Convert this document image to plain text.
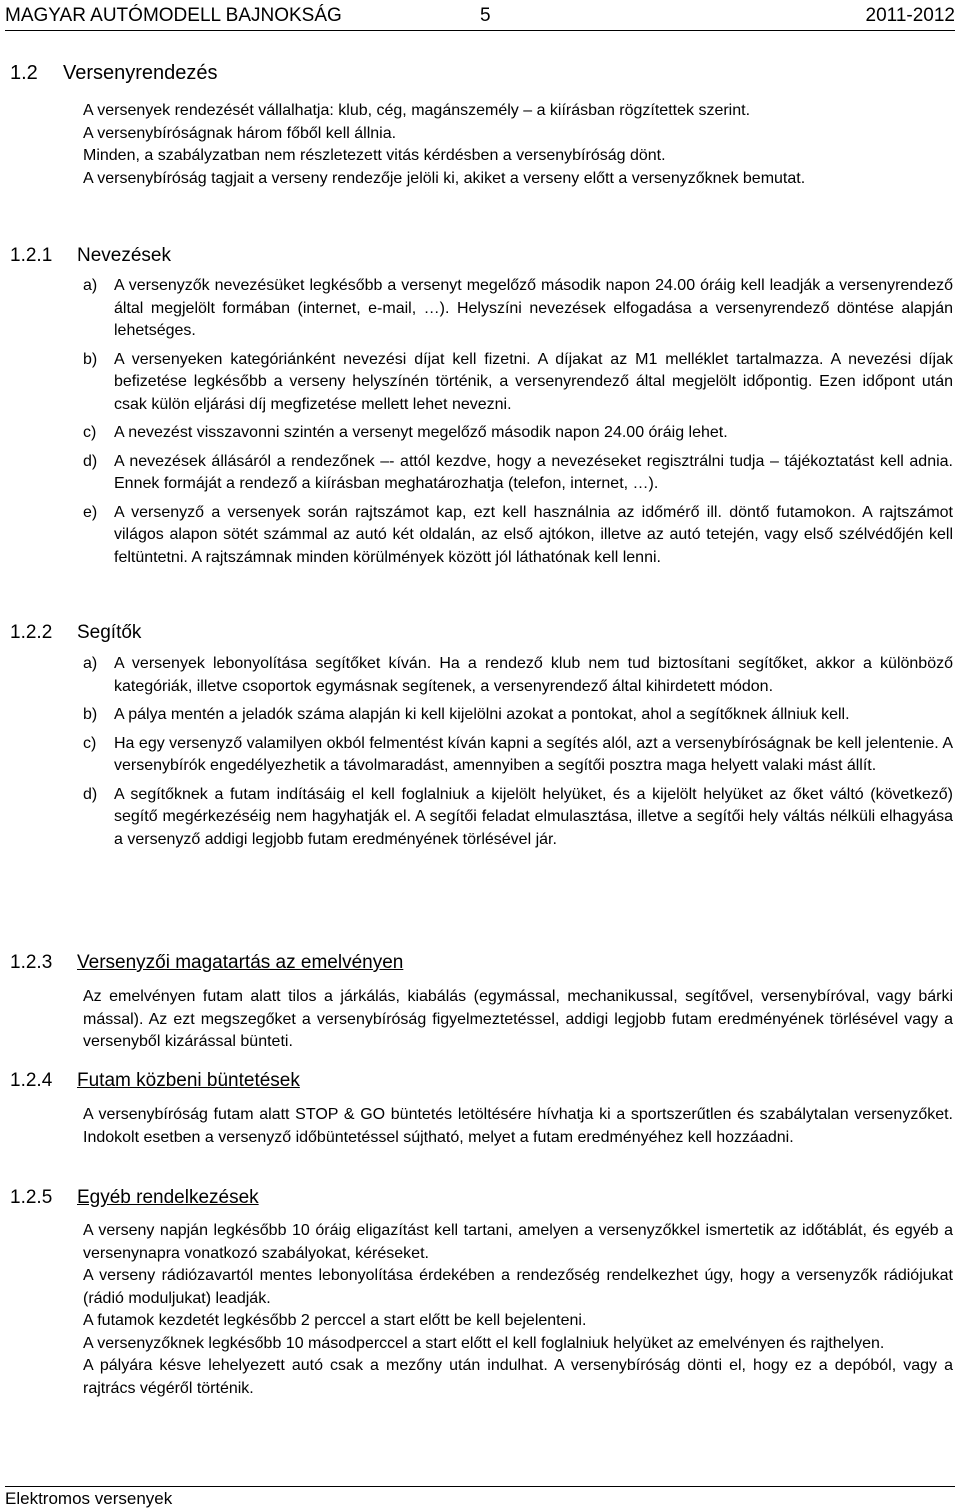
MAGYAR AUTÓMODELL BAJNOKSÁG	5	2011-2012
1.2 Versenyrendezés

A versenyek rendezését vállalhatja: klub, cég, magánszemély – a kiírásban rögzítettek szerint.

A versenybíróságnak három főből kell állnia.

Minden, a szabályzatban nem részletezett vitás kérdésben a versenybíróság dönt.

A versenybíróság tagjait a verseny rendezője jelöli ki, akiket a verseny előtt a versenyzőknek bemutat.

1.2.1 Nevezések
a) A versenyzők nevezésüket legkésőbb a versenyt megelőző második napon 24.00 óráig kell leadják a versenyrendező által megjelölt formában (internet, e-mail, …). Helyszíni nevezések elfogadása a versenyrendező döntése alapján lehetséges.
b) A versenyeken kategóriánként nevezési díjat kell fizetni. A díjakat az M1 melléklet tartalmazza. A nevezési díjak befizetése legkésőbb a verseny helyszínén történik, a versenyrendező által megjelölt időpontig. Ezen időpont után csak külön eljárási díj megfizetése mellett lehet nevezni.
c) A nevezést visszavonni szintén a versenyt megelőző második napon 24.00 óráig lehet.
d) A nevezések állásáról a rendezőnek –- attól kezdve, hogy a nevezéseket regisztrálni tudja – tájékoztatást kell adnia. Ennek formáját a rendező a kiírásban meghatározhatja (telefon, internet, …).
e) A versenyző a versenyek során rajtszámot kap, ezt kell használnia az időmérő ill. döntő futamokon. A rajtszámot világos alapon sötét számmal az autó két oldalán, az első ajtókon, illetve az autó tetején, vagy első szélvédőjén kell feltüntetni. A rajtszámnak minden körülmények között jól láthatónak kell lenni.
1.2.2 Segítők
a) A versenyek lebonyolítása segítőket kíván. Ha a rendező klub nem tud biztosítani segítőket, akkor a különböző kategóriák, illetve csoportok egymásnak segítenek, a versenyrendező által kihirdetett módon.
b) A pálya mentén a jeladók száma alapján ki kell kijelölni azokat a pontokat, ahol a segítőknek állniuk kell.
c) Ha egy versenyző valamilyen okból felmentést kíván kapni a segítés alól, azt a versenybíróságnak be kell jelentenie. A versenybírók engedélyezhetik a távolmaradást, amennyiben a segítői posztra maga helyett valaki mást állít.
d) A segítőknek a futam indításáig el kell foglalniuk a kijelölt helyüket, és a kijelölt helyüket az őket váltó (következő) segítő megérkezéséig nem hagyhatják el. A segítői feladat elmulasztása, illetve a segítői hely váltás nélküli elhagyása a versenyző addigi legjobb futam eredményének törlésével jár.
1.2.3 Versenyzői magatartás az emelvényen

Az emelvényen futam alatt tilos a járkálás, kiabálás (egymással, mechanikussal, segítővel, versenybíróval, vagy bárki mással). Az ezt megszegőket a versenybíróság figyelmeztetéssel, addigi legjobb futam eredményének törlésével vagy a versenyből kizárással bünteti.

1.2.4 Futam közbeni büntetések

A versenybíróság futam alatt STOP & GO büntetés letöltésére hívhatja ki a sportszerűtlen és szabálytalan versenyzőket. Indokolt esetben a versenyző időbüntetéssel sújtható, melyet a futam eredményéhez kell hozzáadni.

1.2.5 Egyéb rendelkezések

A verseny napján legkésőbb 10 óráig eligazítást kell tartani, amelyen a versenyzőkkel ismertetik az időtáblát, és egyéb a versenynapra vonatkozó szabályokat, kéréseket.

A verseny rádiózavartól mentes lebonyolítása érdekében a rendezőség rendelkezhet úgy, hogy a versenyzők rádiójukat (rádió moduljukat) leadják.

A futamok kezdetét legkésőbb 2 perccel a start előtt be kell bejelenteni.

A versenyzőknek legkésőbb 10 másodperccel a start előtt el kell foglalniuk helyüket az emelvényen és rajthelyen.

A pályára késve lehelyezett autó csak a mezőny után indulhat. A versenybíróság dönti el, hogy ez a depóból, vagy a rajtrács végéről történik.

Elektromos versenyek
